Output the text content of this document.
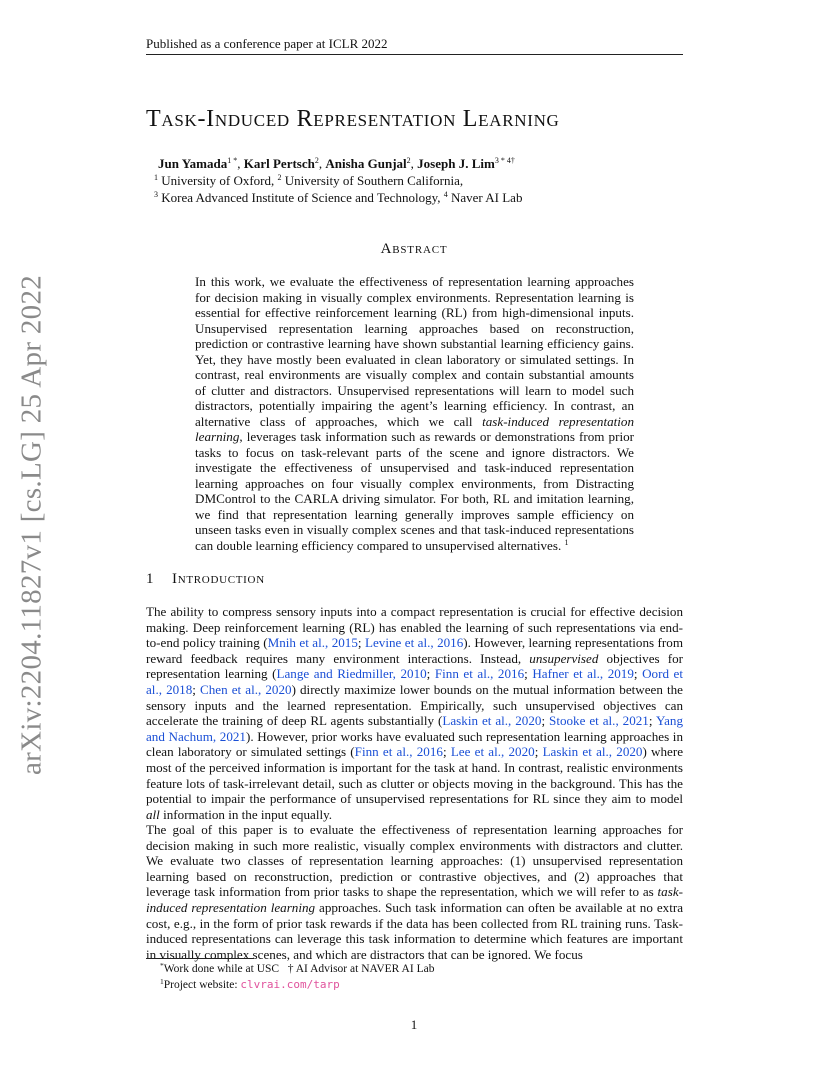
Published as a conference paper at ICLR 2022
arXiv:2204.11827v1 [cs.LG] 25 Apr 2022
Task-Induced Representation Learning
Jun Yamada$^{1 *}$, Karl Pertsch$^2$, Anisha Gunjal$^2$, Joseph J. Lim$^{3 * 4\dagger}$
$^1$ University of Oxford, $^2$ University of Southern California,
$^3$ Korea Advanced Institute of Science and Technology, $^4$ Naver AI Lab
Abstract
In this work, we evaluate the effectiveness of representation learning approaches for decision making in visually complex environments. Representation learning is essential for effective reinforcement learning (RL) from high-dimensional inputs. Unsupervised representation learning approaches based on reconstruction, prediction or contrastive learning have shown substantial learning efficiency gains. Yet, they have mostly been evaluated in clean laboratory or simulated settings. In contrast, real environments are visually complex and contain substantial amounts of clutter and distractors. Unsupervised representations will learn to model such distractors, potentially impairing the agent’s learning efficiency. In contrast, an alternative class of approaches, which we call task-induced representation learning, leverages task information such as rewards or demonstrations from prior tasks to focus on task-relevant parts of the scene and ignore distractors. We investigate the effectiveness of unsupervised and task-induced representation learning approaches on four visually complex environments, from Distracting DMControl to the CARLA driving simulator. For both, RL and imitation learning, we find that representation learning generally improves sample efficiency on unseen tasks even in visually complex scenes and that task-induced representations can double learning efficiency compared to unsupervised alternatives. $^1$
1 Introduction
The ability to compress sensory inputs into a compact representation is crucial for effective decision making. Deep reinforcement learning (RL) has enabled the learning of such representations via end-to-end policy training (Mnih et al., 2015; Levine et al., 2016). However, learning representations from reward feedback requires many environment interactions. Instead, unsupervised objectives for representation learning (Lange and Riedmiller, 2010; Finn et al., 2016; Hafner et al., 2019; Oord et al., 2018; Chen et al., 2020) directly maximize lower bounds on the mutual information between the sensory inputs and the learned representation. Empirically, such unsupervised objectives can accelerate the training of deep RL agents substantially (Laskin et al., 2020; Stooke et al., 2021; Yang and Nachum, 2021). However, prior works have evaluated such representation learning approaches in clean laboratory or simulated settings (Finn et al., 2016; Lee et al., 2020; Laskin et al., 2020) where most of the perceived information is important for the task at hand. In contrast, realistic environments feature lots of task-irrelevant detail, such as clutter or objects moving in the background. This has the potential to impair the performance of unsupervised representations for RL since they aim to model all information in the input equally.
The goal of this paper is to evaluate the effectiveness of representation learning approaches for decision making in such more realistic, visually complex environments with distractors and clutter. We evaluate two classes of representation learning approaches: (1) unsupervised representation learning based on reconstruction, prediction or contrastive objectives, and (2) approaches that leverage task information from prior tasks to shape the representation, which we will refer to as task-induced representation learning approaches. Such task information can often be available at no extra cost, e.g., in the form of prior task rewards if the data has been collected from RL training runs. Task-induced representations can leverage this task information to determine which features are important in visually complex scenes, and which are distractors that can be ignored. We focus
*Work done while at USC † AI Advisor at NAVER AI Lab
$^1$Project website: clvrai.com/tarp
1
